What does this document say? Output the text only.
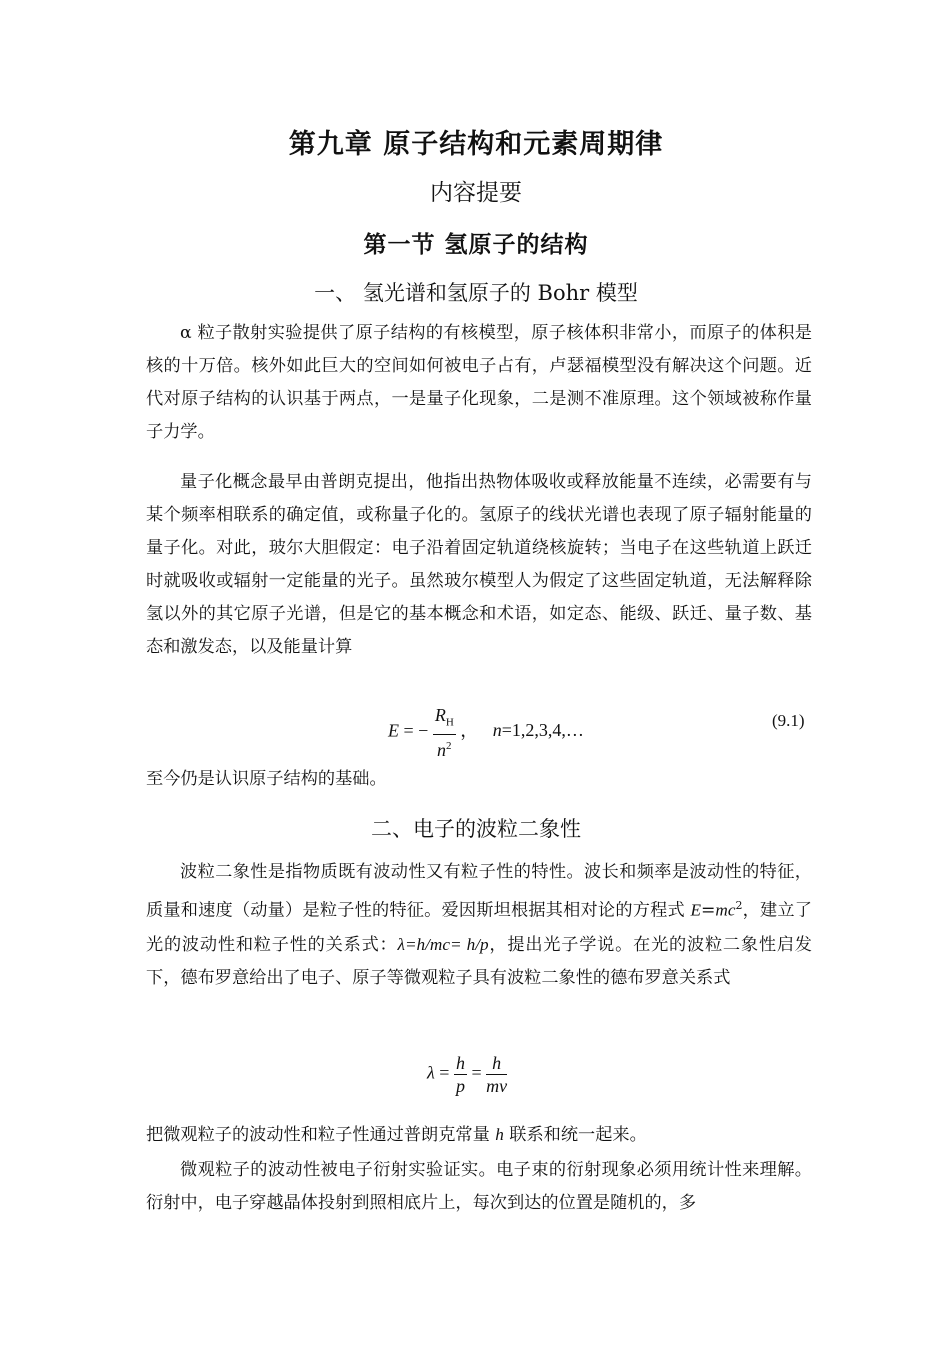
第九章 原子结构和元素周期律
内容提要
第一节 氢原子的结构
一、 氢光谱和氢原子的 Bohr 模型
α 粒子散射实验提供了原子结构的有核模型，原子核体积非常小，而原子的体积是核的十万倍。核外如此巨大的空间如何被电子占有，卢瑟福模型没有解决这个问题。近代对原子结构的认识基于两点，一是量子化现象，二是测不准原理。这个领域被称作量子力学。
量子化概念最早由普朗克提出，他指出热物体吸收或释放能量不连续，必需要有与某个频率相联系的确定值，或称量子化的。氢原子的线状光谱也表现了原子辐射能量的量子化。对此，玻尔大胆假定：电子沿着固定轨道绕核旋转；当电子在这些轨道上跃迁时就吸收或辐射一定能量的光子。虽然玻尔模型人为假定了这些固定轨道，无法解释除氢以外的其它原子光谱，但是它的基本概念和术语，如定态、能级、跃迁、量子数、基态和激发态，以及能量计算
E = − $\frac{R_H}{n^2}$ ， n=1,2,3,4,…	(9.1)
至今仍是认识原子结构的基础。
二、电子的波粒二象性
波粒二象性是指物质既有波动性又有粒子性的特性。波长和频率是波动性的特征，质量和速度（动量）是粒子性的特征。爱因斯坦根据其相对论的方程式 $E=mc^2$，建立了光的波动性和粒子性的关系式：λ=h/mc= h/p，提出光子学说。在光的波粒二象性启发下，德布罗意给出了电子、原子等微观粒子具有波粒二象性的德布罗意关系式
$\lambda = \frac{h}{p} = \frac{h}{mv}$
把微观粒子的波动性和粒子性通过普朗克常量 h 联系和统一起来。
微观粒子的波动性被电子衍射实验证实。电子束的衍射现象必须用统计性来理解。衍射中，电子穿越晶体投射到照相底片上，每次到达的位置是随机的，多
